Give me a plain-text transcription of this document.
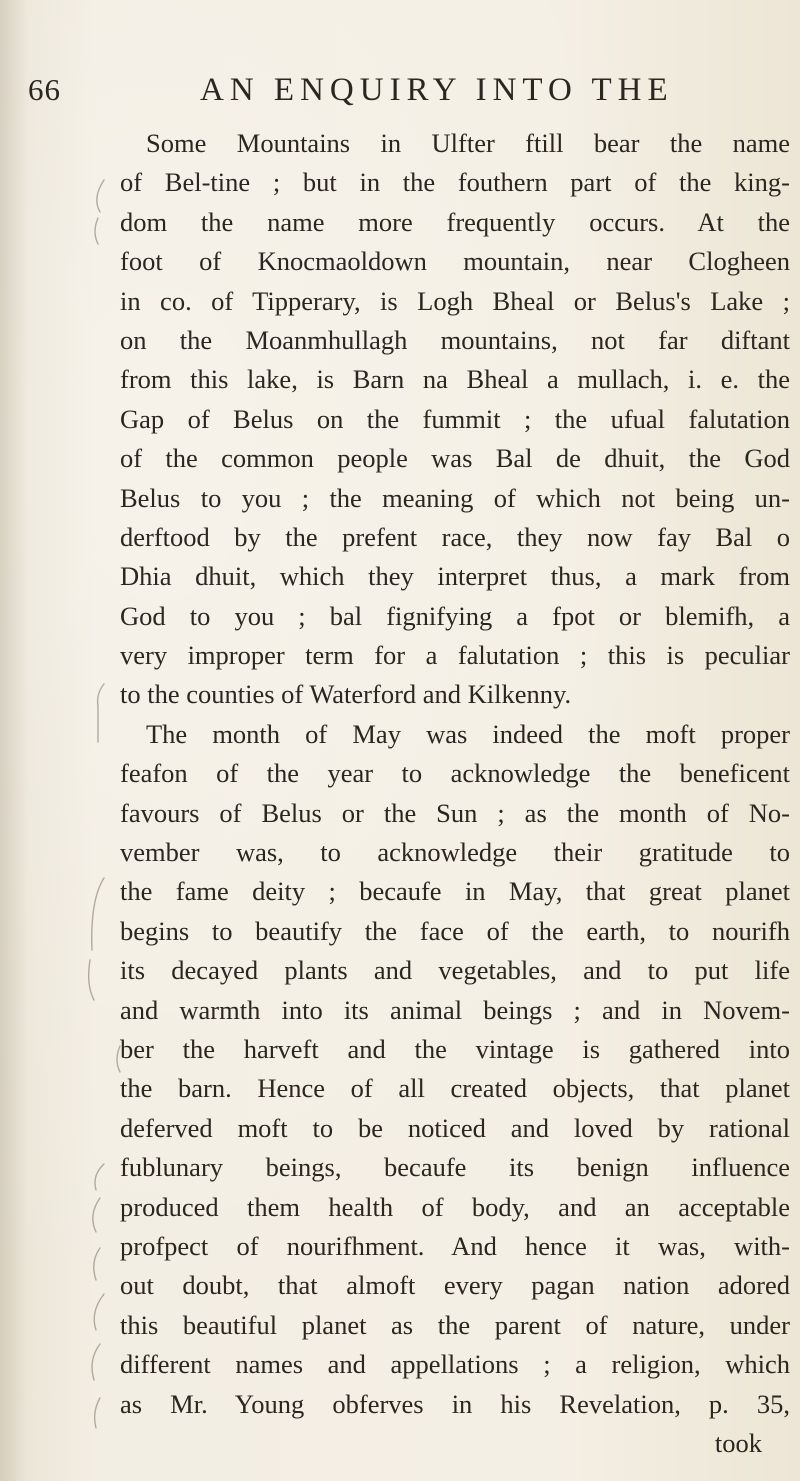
66	AN ENQUIRY INTO THE
Some Mountains in Ulfter ftill bear the name
of Bel-tine ; but in the fouthern part of the king-
dom the name more frequently occurs. At the
foot of Knocmaoldown mountain, near Clogheen
in co. of Tipperary, is Logh Bheal or Belus's Lake ;
on the Moanmhullagh mountains, not far diftant
from this lake, is Barn na Bheal a mullach, i. e. the
Gap of Belus on the fummit ; the ufual falutation
of the common people was Bal de dhuit, the God
Belus to you ; the meaning of which not being un-
derftood by the prefent race, they now fay Bal o
Dhia dhuit, which they interpret thus, a mark from
God to you ; bal fignifying a fpot or blemifh, a
very improper term for a falutation ; this is peculiar
to the counties of Waterford and Kilkenny.
The month of May was indeed the moft proper
feafon of the year to acknowledge the beneficent
favours of Belus or the Sun ; as the month of No-
vember was, to acknowledge their gratitude to
the fame deity ; becaufe in May, that great planet
begins to beautify the face of the earth, to nourifh
its decayed plants and vegetables, and to put life
and warmth into its animal beings ; and in Novem-
ber the harveft and the vintage is gathered into
the barn. Hence of all created objects, that planet
deferved moft to be noticed and loved by rational
fublunary beings, becaufe its benign influence
produced them health of body, and an acceptable
profpect of nourifhment. And hence it was, with-
out doubt, that almoft every pagan nation adored
this beautiful planet as the parent of nature, under
different names and appellations ; a religion, which
as Mr. Young obferves in his Revelation, p. 35,
took
